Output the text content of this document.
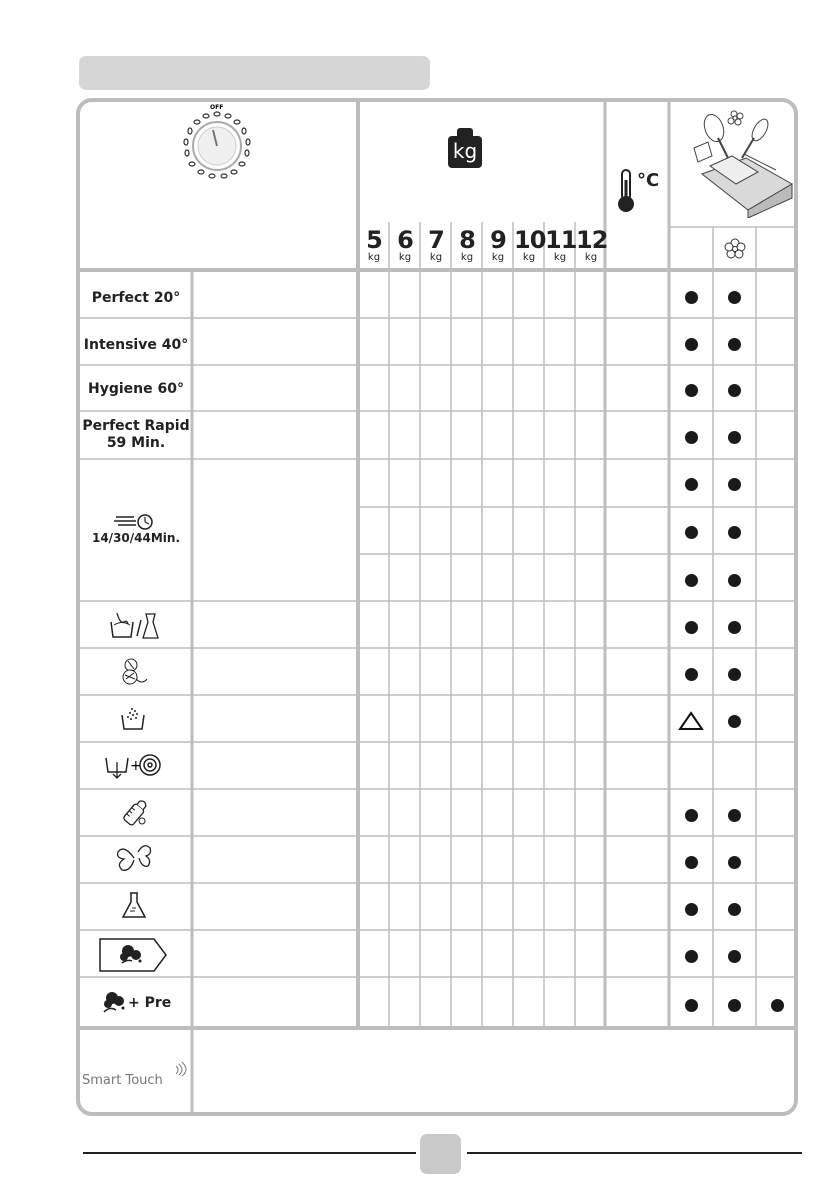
OFF
kg
5
kg
6
kg
7
kg
8
kg
9
kg
10
kg
11
kg
12
kg
°C
Perfect 20°
Intensive 40°
Hygiene 60°
Perfect Rapid
59 Min.
14/30/44Min.
+
+ Pre
Smart Touch
